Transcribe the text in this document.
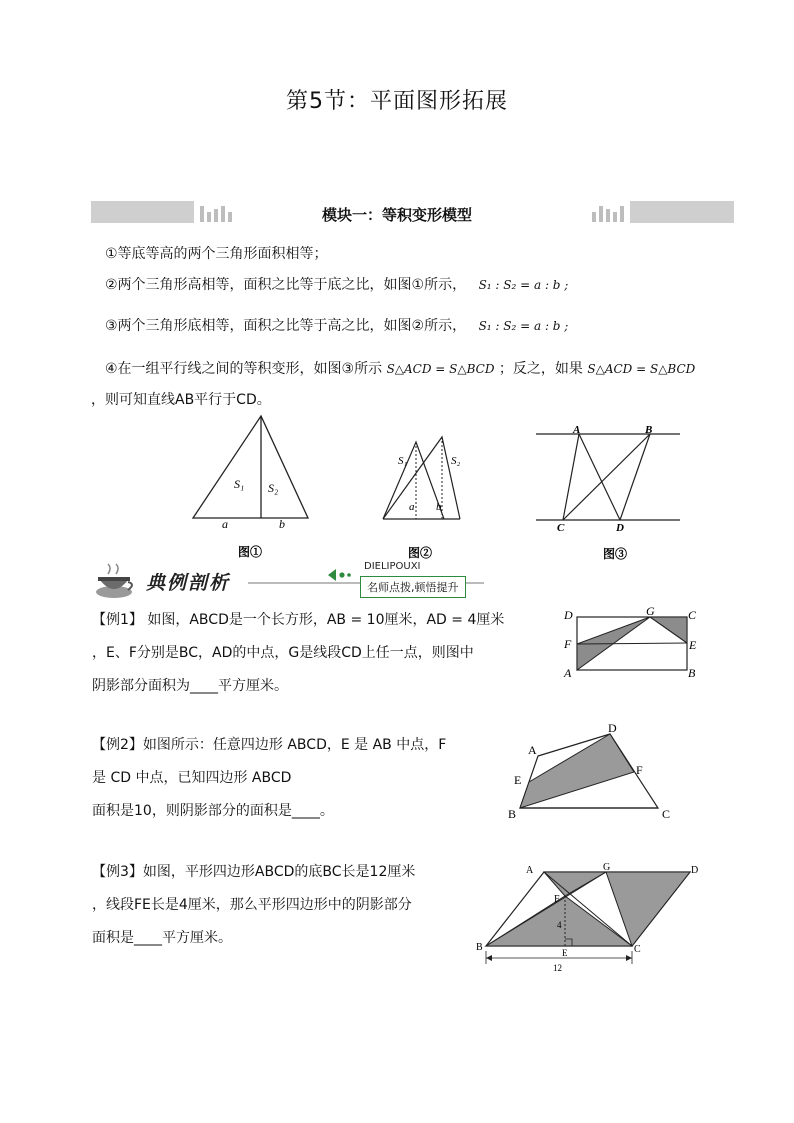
第5节：平面图形拓展
模块一：等积变形模型
①等底等高的两个三角形面积相等；
②两个三角形高相等，面积之比等于底之比，如图①所示， S₁ : S₂ = a : b ;
③两个三角形底相等，面积之比等于高之比，如图②所示， S₁ : S₂ = a : b ;
④在一组平行线之间的等积变形，如图③所示 S△ACD = S△BCD ；反之，如果 S△ACD = S△BCD
，则可知直线AB平行于CD。
S₁ S₂
a	b
图①
S₁	S₂
a b
图②
A	B
C	D
图③
典例剖析
DIELIPOUXI
名师点拨,顿悟提升
【例1】 如图，ABCD是一个长方形，AB = 10厘米，AD = 4厘米
，E、F分别是BC，AD的中点，G是线段CD上任一点，则图中
阴影部分面积为____平方厘米。
D	G	C
F	E
A	B
【例2】如图所示：任意四边形 ABCD，E 是 AB 中点，F
是 CD 中点，已知四边形 ABCD
面积是10，则阴影部分的面积是____。
A
D
E
F
B	C
【例3】如图，平形四边形ABCD的底BC长是12厘米
，线段FE长是4厘米，那么平形四边形中的阴影部分
面积是____平方厘米。
A	G	D
F
4
E
B	C
12
